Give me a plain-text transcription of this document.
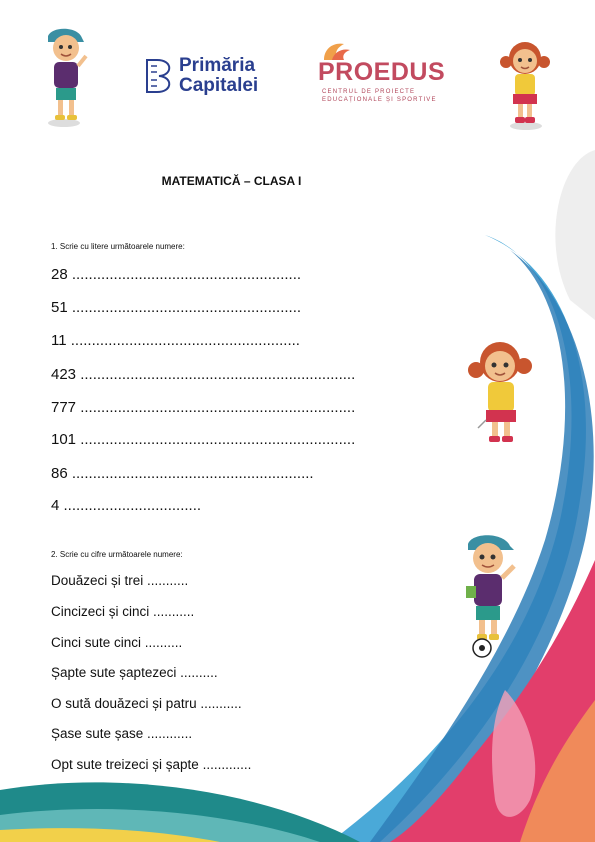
Primăria
Capitalei PROEDUS
CENTRUL DE PROIECTE
EDUCAȚIONALE ȘI SPORTIVE
MATEMATICĂ – CLASA I
1. Scrie cu litere următoarele numere:
28 .......................................................
51 .......................................................
11 .......................................................
423 ..................................................................
777 ..................................................................
101 ..................................................................
86 ..........................................................
4 .................................
2. Scrie cu cifre următoarele numere:
Douăzeci și trei ...........
Cincizeci și cinci ...........
Cinci sute cinci ..........
Șapte sute șaptezeci ..........
O sută douăzeci și patru ...........
Șase sute șase ............
Opt sute treizeci și șapte .............
